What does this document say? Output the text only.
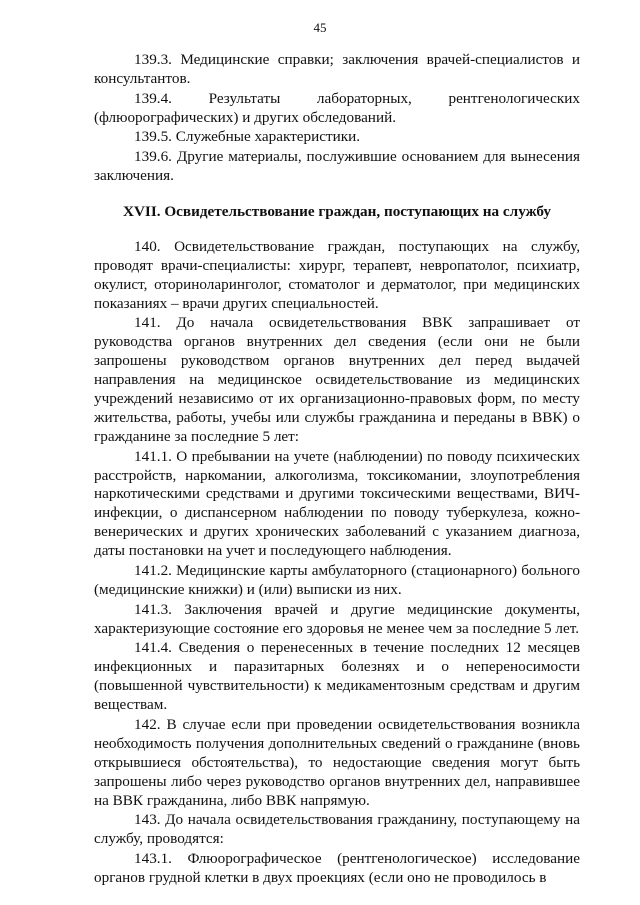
45

139.3. Медицинские справки; заключения врачей-специалистов и консультантов.

139.4. Результаты лабораторных, рентгенологических (флюорографических) и других обследований.

139.5. Служебные характеристики.

139.6. Другие материалы, послужившие основанием для вынесения заключения.

XVII. Освидетельствование граждан, поступающих на службу

140. Освидетельствование граждан, поступающих на службу, проводят врачи-специалисты: хирург, терапевт, невропатолог, психиатр, окулист, оториноларинголог, стоматолог и дерматолог, при медицинских показаниях – врачи других специальностей.

141. До начала освидетельствования ВВК запрашивает от руководства органов внутренних дел сведения (если они не были запрошены руководством органов внутренних дел перед выдачей направления на медицинское освидетельствование из медицинских учреждений независимо от их организационно-правовых форм, по месту жительства, работы, учебы или службы гражданина и переданы в ВВК) о гражданине за последние 5 лет:

141.1. О пребывании на учете (наблюдении) по поводу психических расстройств, наркомании, алкоголизма, токсикомании, злоупотребления наркотическими средствами и другими токсическими веществами, ВИЧ-инфекции, о диспансерном наблюдении по поводу туберкулеза, кожно-венерических и других хронических заболеваний с указанием диагноза, даты постановки на учет и последующего наблюдения.

141.2. Медицинские карты амбулаторного (стационарного) больного (медицинские книжки) и (или) выписки из них.

141.3. Заключения врачей и другие медицинские документы, характеризующие состояние его здоровья не менее чем за последние 5 лет.

141.4. Сведения о перенесенных в течение последних 12 месяцев инфекционных и паразитарных болезнях и о непереносимости (повышенной чувствительности) к медикаментозным средствам и другим веществам.

142. В случае если при проведении освидетельствования возникла необходимость получения дополнительных сведений о гражданине (вновь открывшиеся обстоятельства), то недостающие сведения могут быть запрошены либо через руководство органов внутренних дел, направившее на ВВК гражданина, либо ВВК напрямую.

143. До начала освидетельствования гражданину, поступающему на службу, проводятся:

143.1. Флюорографическое (рентгенологическое) исследование органов грудной клетки в двух проекциях (если оно не проводилось в
